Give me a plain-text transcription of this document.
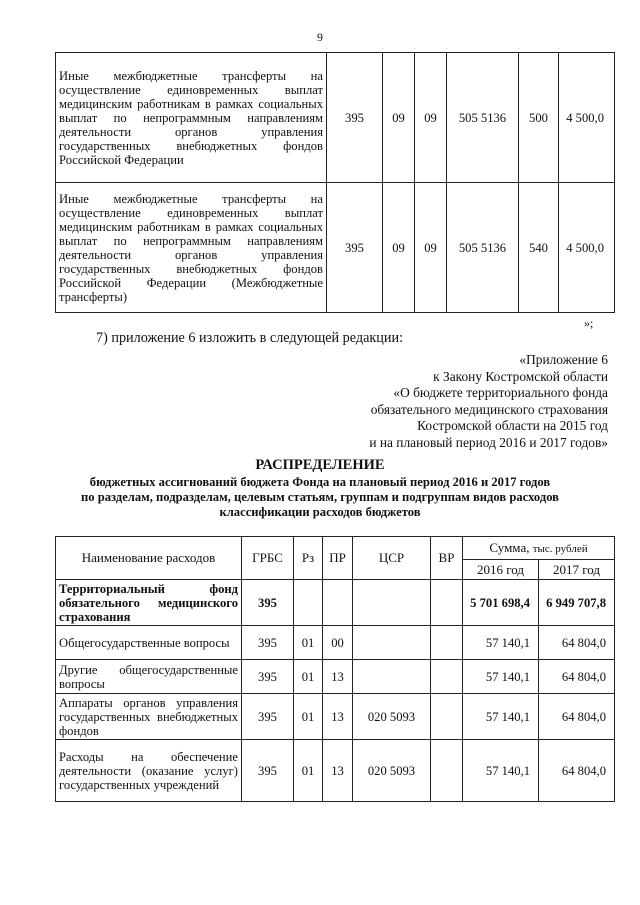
9
Иные межбюджетные трансферты на осуществление единовременных выплат медицинским работникам в рамках социальных выплат по непрограммным направлениям деятельности органов управления государственных внебюджетных фондов Российской Федерации	395	09	09	505 5136	500	4 500,0
Иные межбюджетные трансферты на осуществление единовременных выплат медицинским работникам в рамках социальных выплат по непрограммным направлениям деятельности органов управления государственных внебюджетных фондов Российской Федерации (Межбюджетные трансферты)	395	09	09	505 5136	540	4 500,0
»;
7) приложение 6 изложить в следующей редакции:
«Приложение 6
к Закону Костромской области
«О бюджете территориального фонда
обязательного медицинского страхования
Костромской области на 2015 год
и на плановый период 2016 и 2017 годов»
РАСПРЕДЕЛЕНИЕ
бюджетных ассигнований бюджета Фонда на плановый период 2016 и 2017 годов
по разделам, подразделам, целевым статьям, группам и подгруппам видов расходов
классификации расходов бюджетов
Наименование расходов	ГРБС	Рз	ПР	ЦСР	ВР	Сумма, тыс. рублей	
						2016 год	2017 год
Территориальный фонд обязательного медицинского страхования	395					5 701 698,4	6 949 707,8
Общегосударственные вопросы	395	01	00			57 140,1	64 804,0
Другие общегосударственные вопросы	395	01	13			57 140,1	64 804,0
Аппараты органов управления государственных внебюджетных фондов	395	01	13	020 5093		57 140,1	64 804,0
Расходы на обеспечение деятельности (оказание услуг) государственных учреждений	395	01	13	020 5093		57 140,1	64 804,0
